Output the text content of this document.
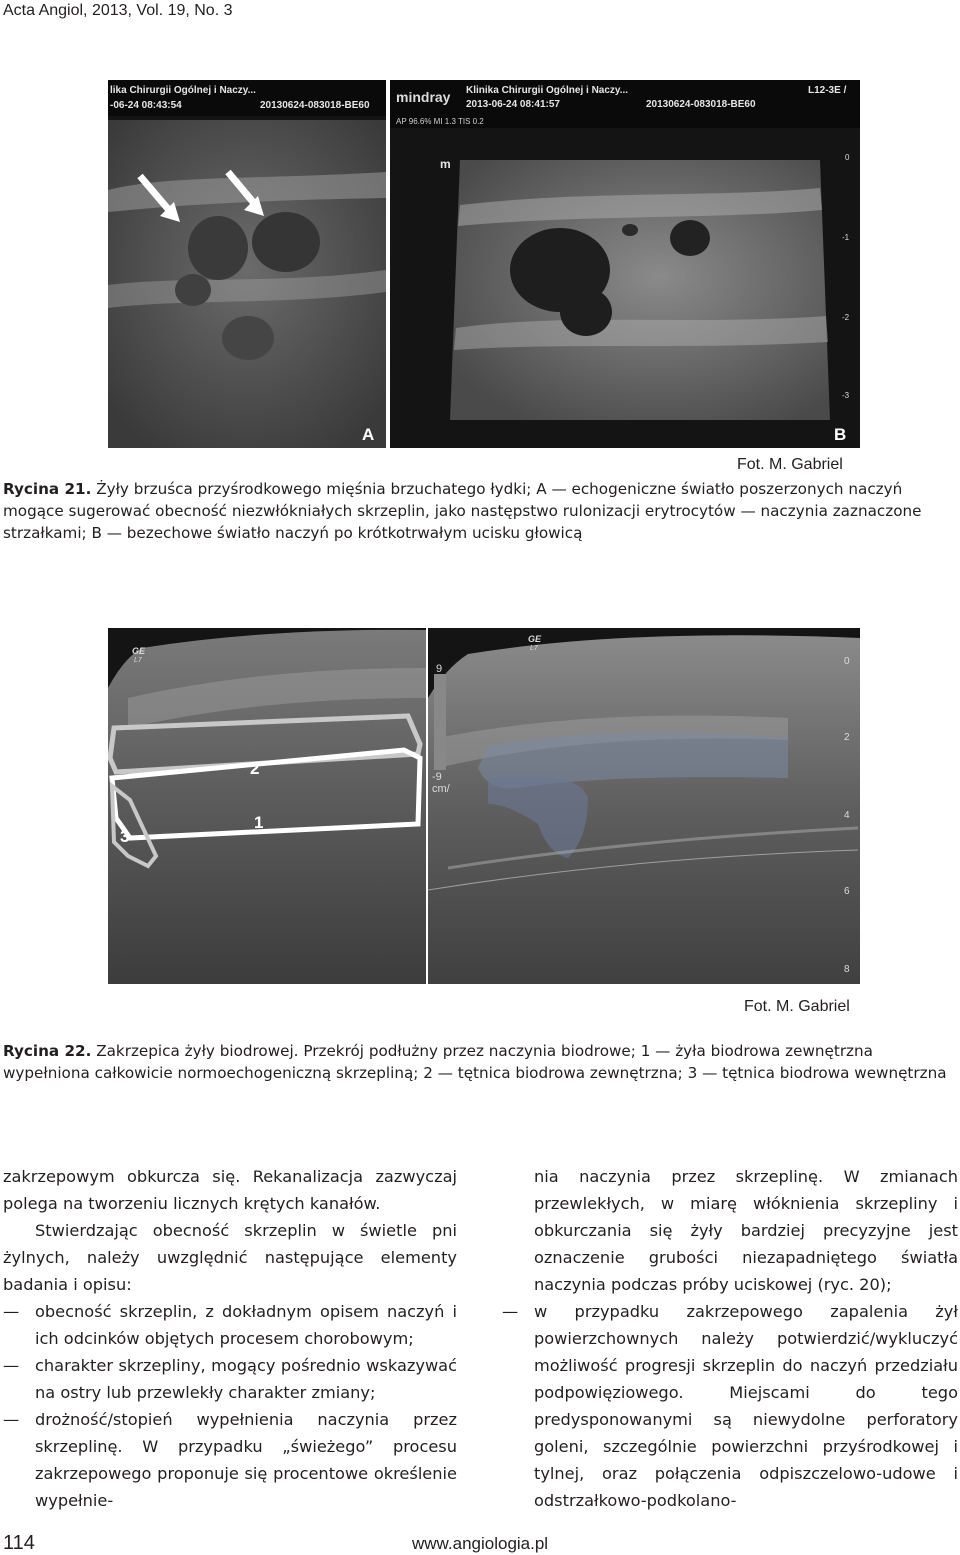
Acta Angiol, 2013, Vol. 19, No. 3
lika Chirurgii Ogólnej i Naczy...
-06-24 08:43:54	20130624-083018-BE60
A
mindray Klinika Chirurgii Ogólnej i Naczy...
2013-06-24 08:41:57	20130624-083018-BE60
L12-3E /
AP 96.6% MI 1.3 TIS 0.2
m	0
-1
-2
-3
B
Fot. M. Gabriel
Rycina 21. Żyły brzuśca przyśrodkowego mięśnia brzuchatego łydki; A — echogeniczne światło poszerzonych naczyń mogące sugerować obecność niezwłókniałych skrzeplin, jako następstwo rulonizacji erytrocytów — naczynia zaznaczone strzałkami; B — bezechowe światło naczyń po krótkotrwałym ucisku głowicą
GE
L7
1
2
3
GE
L7
9
-9
cm/
0
2
4
6
8
Fot. M. Gabriel
Rycina 22. Zakrzepica żyły biodrowej. Przekrój podłużny przez naczynia biodrowe; 1 — żyła biodrowa zewnętrzna wypełniona całkowicie normoechogeniczną skrzepliną; 2 — tętnica biodrowa zewnętrzna; 3 — tętnica biodrowa wewnętrzna

zakrzepowym obkurcza się. Rekanalizacja zazwyczaj polega na tworzeniu licznych krętych kanałów.

Stwierdzając obecność skrzeplin w świetle pni żylnych, należy uwzględnić następujące elementy badania i opisu:

— obecność skrzeplin, z dokładnym opisem naczyń i ich odcinków objętych procesem chorobowym;
— charakter skrzepliny, mogący pośrednio wskazywać na ostry lub przewlekły charakter zmiany;
— drożność/stopień wypełnienia naczynia przez skrzeplinę. W przypadku „świeżego” procesu zakrzepowego proponuje się procentowe określenie wypełnie-

nia naczynia przez skrzeplinę. W zmianach przewlekłych, w miarę włóknienia skrzepliny i obkurczania się żyły bardziej precyzyjne jest oznaczenie grubości niezapadniętego światła naczynia podczas próby uciskowej (ryc. 20);

— w przypadku zakrzepowego zapalenia żył powierzchownych należy potwierdzić/wykluczyć możliwość progresji skrzeplin do naczyń przedziału podpowięziowego. Miejscami do tego predysponowanymi są niewydolne perforatory goleni, szczególnie powierzchni przyśrodkowej i tylnej, oraz połączenia odpiszczelowo-udowe i odstrzałkowo-podkolano-
114	www.angiologia.pl
